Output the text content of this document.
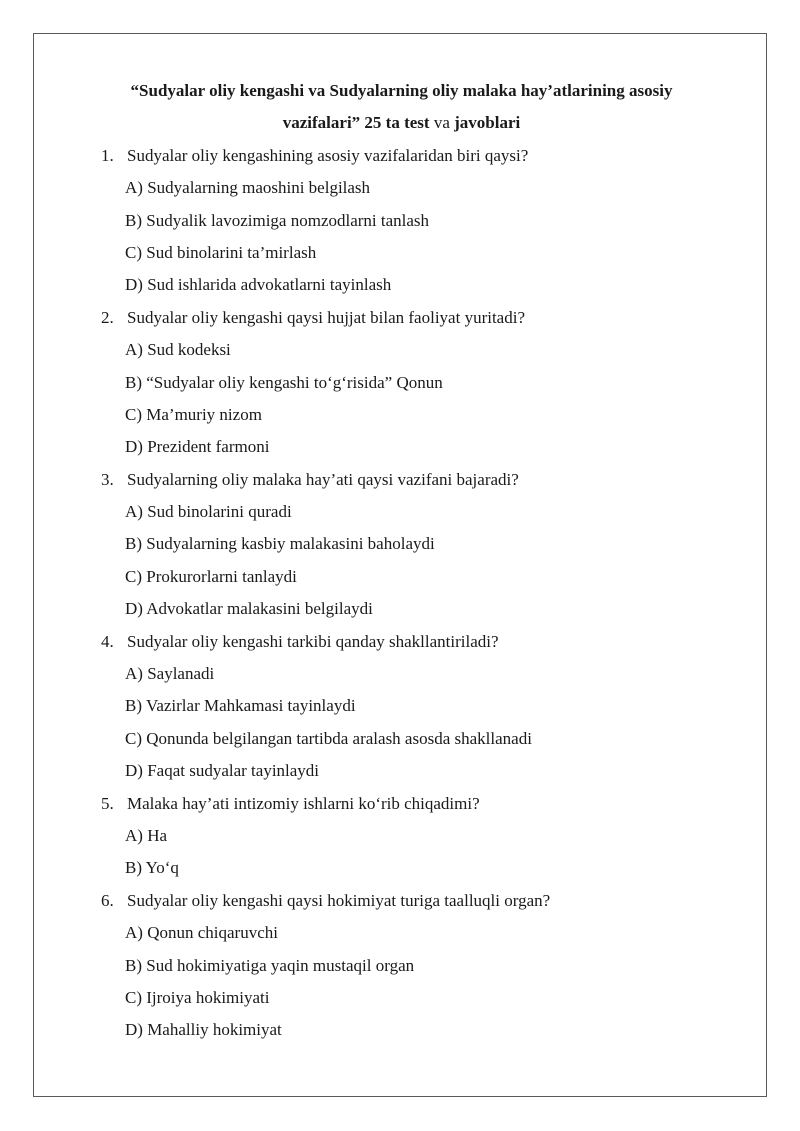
“Sudyalar oliy kengashi va Sudyalarning oliy malaka hay’atlarining asosiy
vazifalari” 25 ta test va javoblari
1. Sudyalar oliy kengashining asosiy vazifalaridan biri qaysi?
A) Sudyalarning maoshini belgilash
B) Sudyalik lavozimiga nomzodlarni tanlash
C) Sud binolarini ta’mirlash
D) Sud ishlarida advokatlarni tayinlash
2. Sudyalar oliy kengashi qaysi hujjat bilan faoliyat yuritadi?
A) Sud kodeksi
B) “Sudyalar oliy kengashi to‘g‘risida” Qonun
C) Ma’muriy nizom
D) Prezident farmoni
3. Sudyalarning oliy malaka hay’ati qaysi vazifani bajaradi?
A) Sud binolarini quradi
B) Sudyalarning kasbiy malakasini baholaydi
C) Prokurorlarni tanlaydi
D) Advokatlar malakasini belgilaydi
4. Sudyalar oliy kengashi tarkibi qanday shakllantiriladi?
A) Saylanadi
B) Vazirlar Mahkamasi tayinlaydi
C) Qonunda belgilangan tartibda aralash asosda shakllanadi
D) Faqat sudyalar tayinlaydi
5. Malaka hay’ati intizomiy ishlarni ko‘rib chiqadimi?
A) Ha
B) Yo‘q
6. Sudyalar oliy kengashi qaysi hokimiyat turiga taalluqli organ?
A) Qonun chiqaruvchi
B) Sud hokimiyatiga yaqin mustaqil organ
C) Ijroiya hokimiyati
D) Mahalliy hokimiyat
